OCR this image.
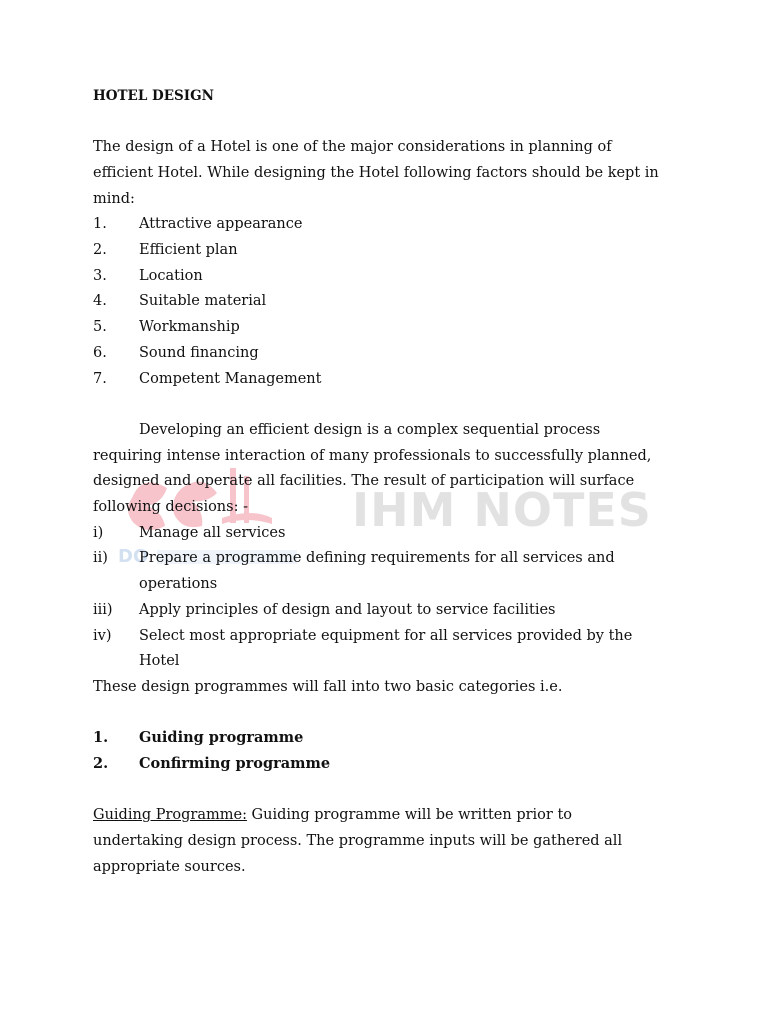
DO
IHM NOTES
HOTEL DESIGN
The design of a Hotel is one of the major considerations in planning of
efficient Hotel. While designing the Hotel following factors should be kept in
mind:
1. Attractive appearance
2. Efficient plan
3. Location
4. Suitable material
5. Workmanship
6. Sound financing
7. Competent Management
Developing an efficient design is a complex sequential process
requiring intense interaction of many professionals to successfully planned,
designed and operate all facilities. The result of participation will surface
following decisions: -
i) Manage all services
ii) Prepare a programme defining requirements for all services and
operations
iii) Apply principles of design and layout to service facilities
iv) Select most appropriate equipment for all services provided by the
Hotel
These design programmes will fall into two basic categories i.e.
1. Guiding programme
2. Confirming programme
Guiding Programme: Guiding programme will be written prior to
undertaking design process. The programme inputs will be gathered all
appropriate sources.
